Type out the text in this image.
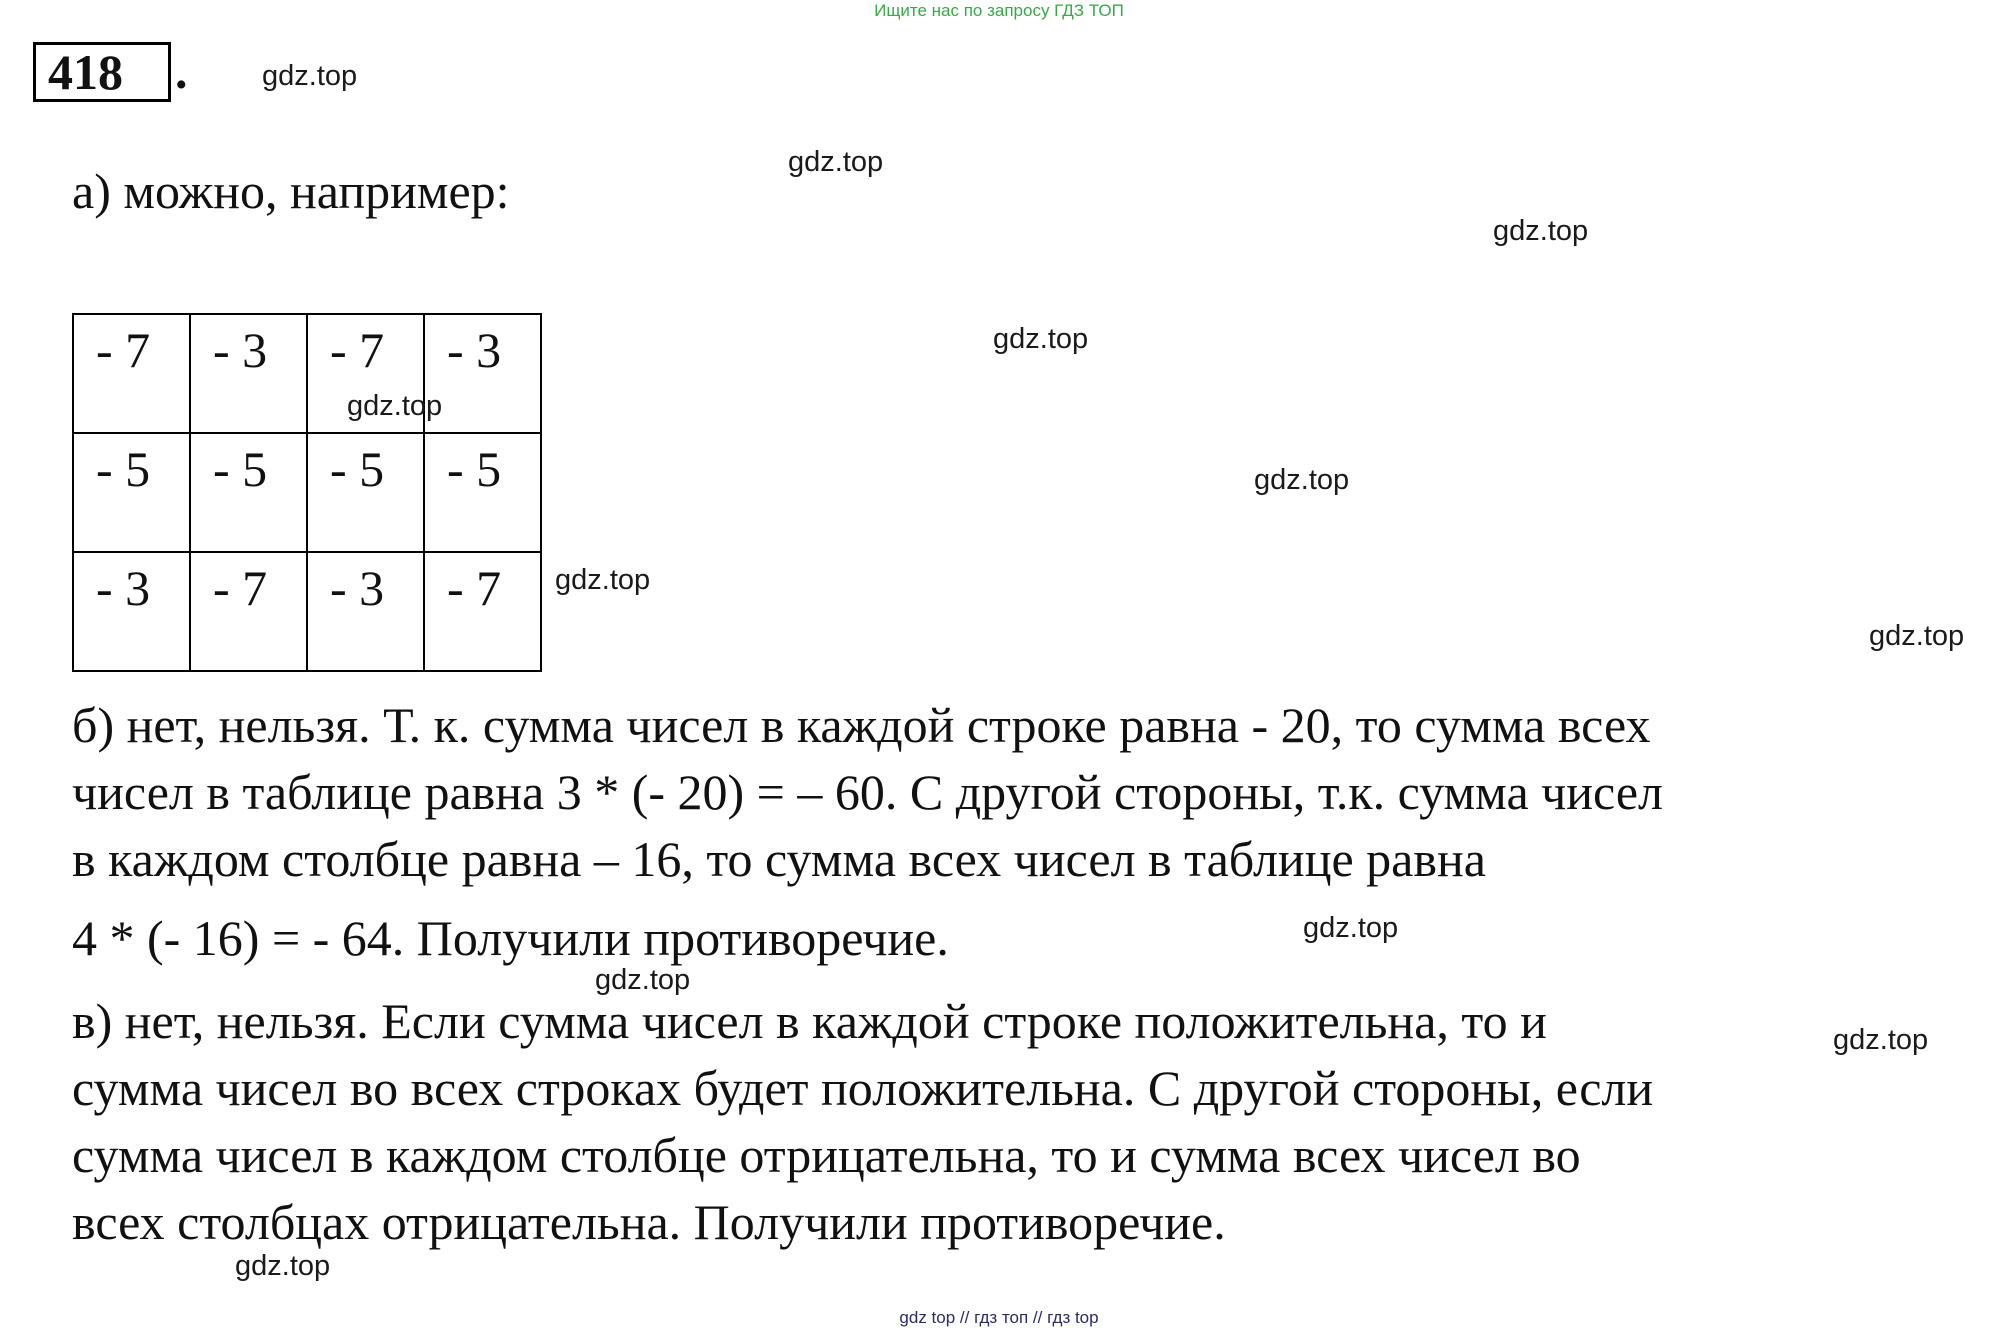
Ищите нас по запросу ГДЗ ТОП
418	.
а) можно, например:
- 7	- 3	- 7	- 3
- 5	- 5	- 5	- 5
- 3	- 7	- 3	- 7
б) нет, нельзя. Т. к. сумма чисел в каждой строке равна - 20, то сумма всех
чисел в таблице равна 3 * (- 20) = – 60. С другой стороны, т.к. сумма чисел
в каждом столбце равна – 16, то сумма всех чисел в таблице равна
4 * (- 16) = - 64. Получили противоречие.
в) нет, нельзя. Если сумма чисел в каждой строке положительна, то и
сумма чисел во всех строках будет положительна. С другой стороны, если
сумма чисел в каждом столбце отрицательна, то и сумма всех чисел во
всех столбцах отрицательна. Получили противоречие.
gdz.top
gdz.top
gdz.top
gdz.top
gdz.top
gdz.top
gdz.top
gdz.top
gdz.top
gdz.top
gdz.top
gdz.top
gdz top // гдз топ // гдз top
